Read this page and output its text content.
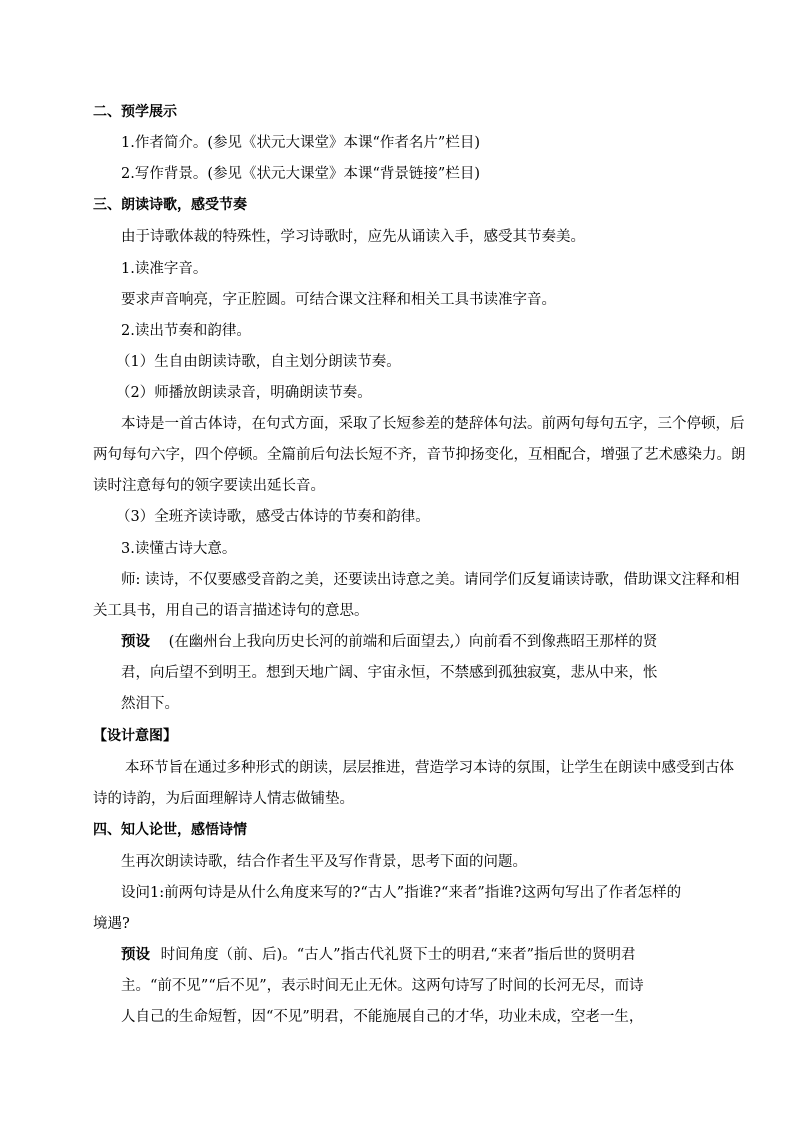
二、预学展示
1.作者简介。(参见《状元大课堂》本课“作者名片”栏目)
2.写作背景。(参见《状元大课堂》本课“背景链接”栏目)
三、朗读诗歌，感受节奏
由于诗歌体裁的特殊性，学习诗歌时，应先从诵读入手，感受其节奏美。
1.读准字音。
要求声音响亮，字正腔圆。可结合课文注释和相关工具书读准字音。
2.读出节奏和韵律。
（1）生自由朗读诗歌，自主划分朗读节奏。
（2）师播放朗读录音，明确朗读节奏。
本诗是一首古体诗，在句式方面，采取了长短参差的楚辞体句法。前两句每句五字，三个停顿，后
两句每句六字，四个停顿。全篇前后句法长短不齐，音节抑扬变化，互相配合，增强了艺术感染力。朗
读时注意每句的领字要读出延长音。
（3）全班齐读诗歌，感受古体诗的节奏和韵律。
3.读懂古诗大意。
师: 读诗，不仅要感受音韵之美，还要读出诗意之美。请同学们反复诵读诗歌，借助课文注释和相
关工具书，用自己的语言描述诗句的意思。
预设 (在幽州台上我向历史长河的前端和后面望去,）向前看不到像燕昭王那样的贤
君，向后望不到明王。想到天地广阔、宇宙永恒，不禁感到孤独寂寞，悲从中来，怅
然泪下。
【设计意图】
本环节旨在通过多种形式的朗读，层层推进，营造学习本诗的氛围，让学生在朗读中感受到古体
诗的诗韵，为后面理解诗人情志做铺垫。
四、知人论世，感悟诗情
生再次朗读诗歌，结合作者生平及写作背景，思考下面的问题。
设问1:前两句诗是从什么角度来写的?“古人”指谁?“来者”指谁?这两句写出了作者怎样的
境遇?
预设 时间角度（前、后)。“古人”指古代礼贤下士的明君,“来者”指后世的贤明君
主。“前不见”“后不见”，表示时间无止无休。这两句诗写了时间的长河无尽，而诗
人自己的生命短暂，因“不见”明君，不能施展自己的才华，功业未成，空老一生，
